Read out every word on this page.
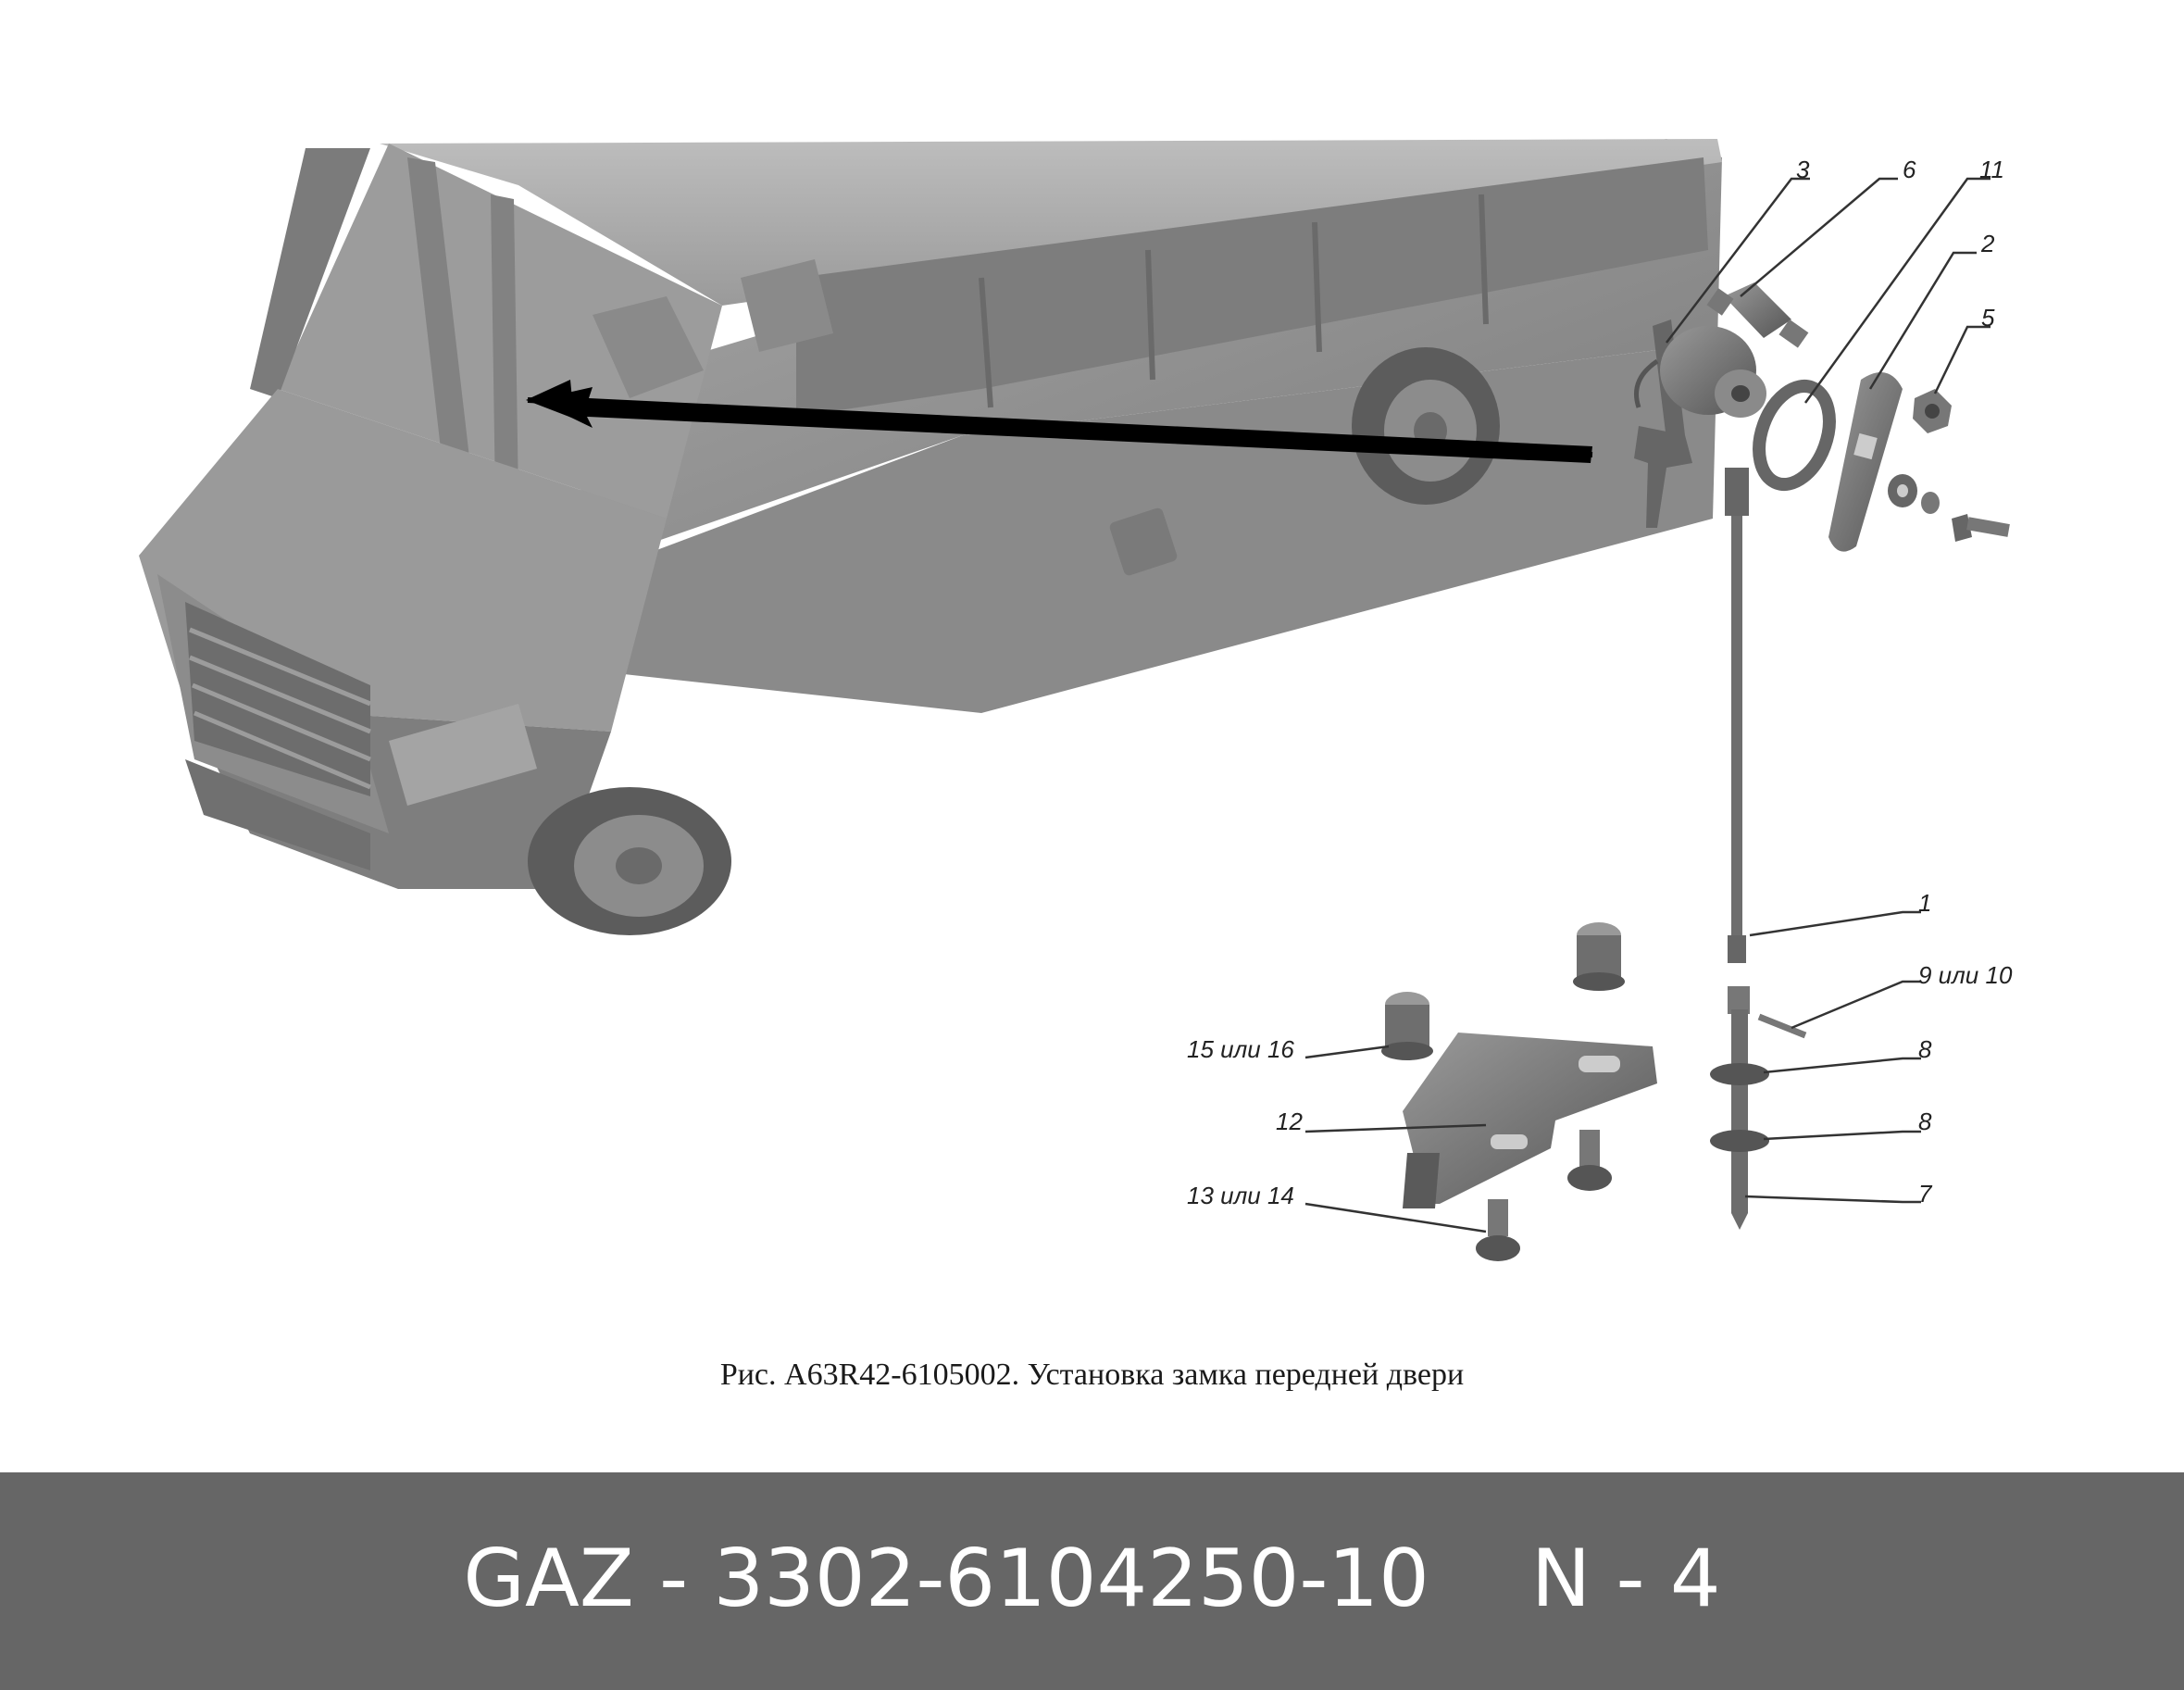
3	6	11
2
5
1
9 или 10
8
8
7
15 или 16
12
13 или 14
Рис. А63R42-6105002. Установка замка передней двери
GAZ - 3302-6104250-10 N - 4
